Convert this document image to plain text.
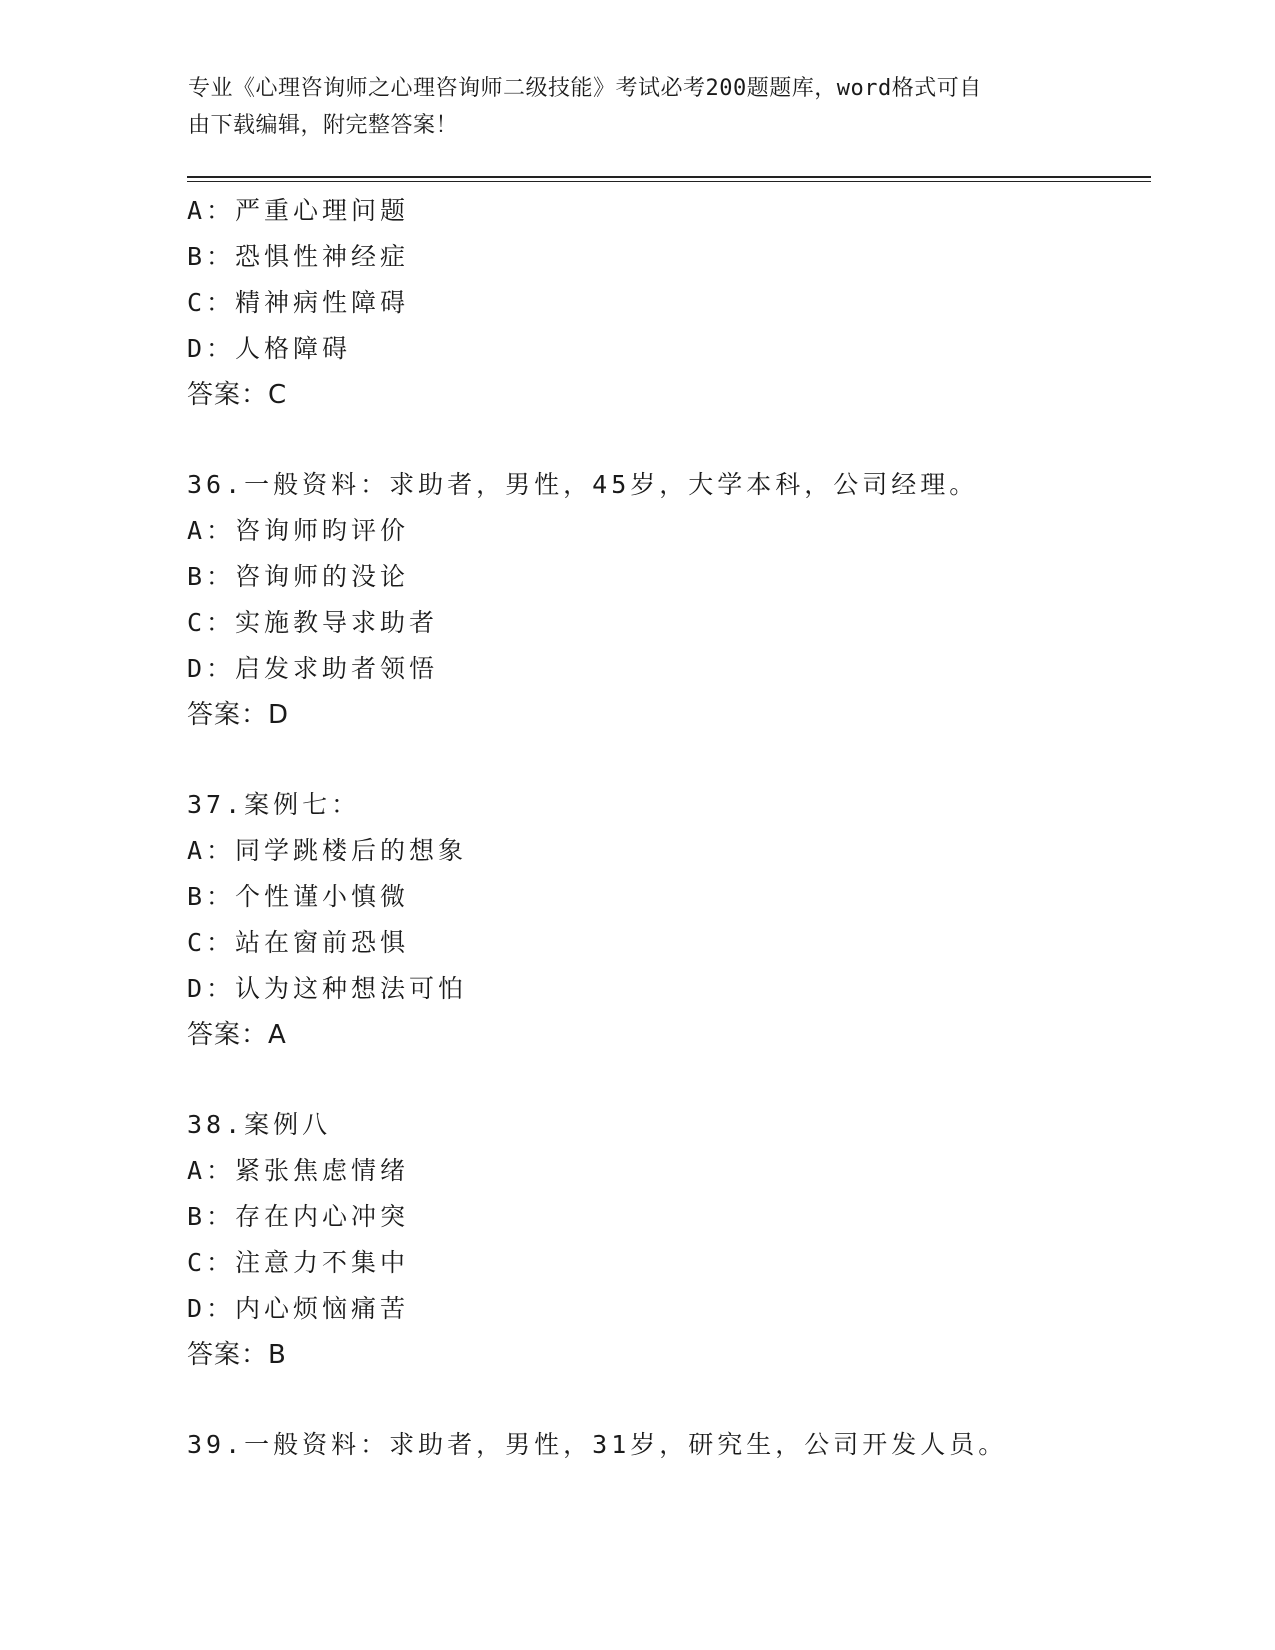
专业《心理咨询师之心理咨询师二级技能》考试必考200题题库，word格式可自
由下载编辑，附完整答案！
A：严重心理问题
B：恐惧性神经症
C：精神病性障碍
D：人格障碍
答案：C
36.一般资料：求助者，男性，45岁，大学本科，公司经理。
A：咨询师昀评价
B：咨询师的没论
C：实施教导求助者
D：启发求助者领悟
答案：D
37.案例七：
A：同学跳楼后的想象
B：个性谨小慎微
C：站在窗前恐惧
D：认为这种想法可怕
答案：A
38.案例八
A：紧张焦虑情绪
B：存在内心冲突
C：注意力不集中
D：内心烦恼痛苦
答案：B
39.一般资料：求助者，男性，31岁，研究生，公司开发人员。
